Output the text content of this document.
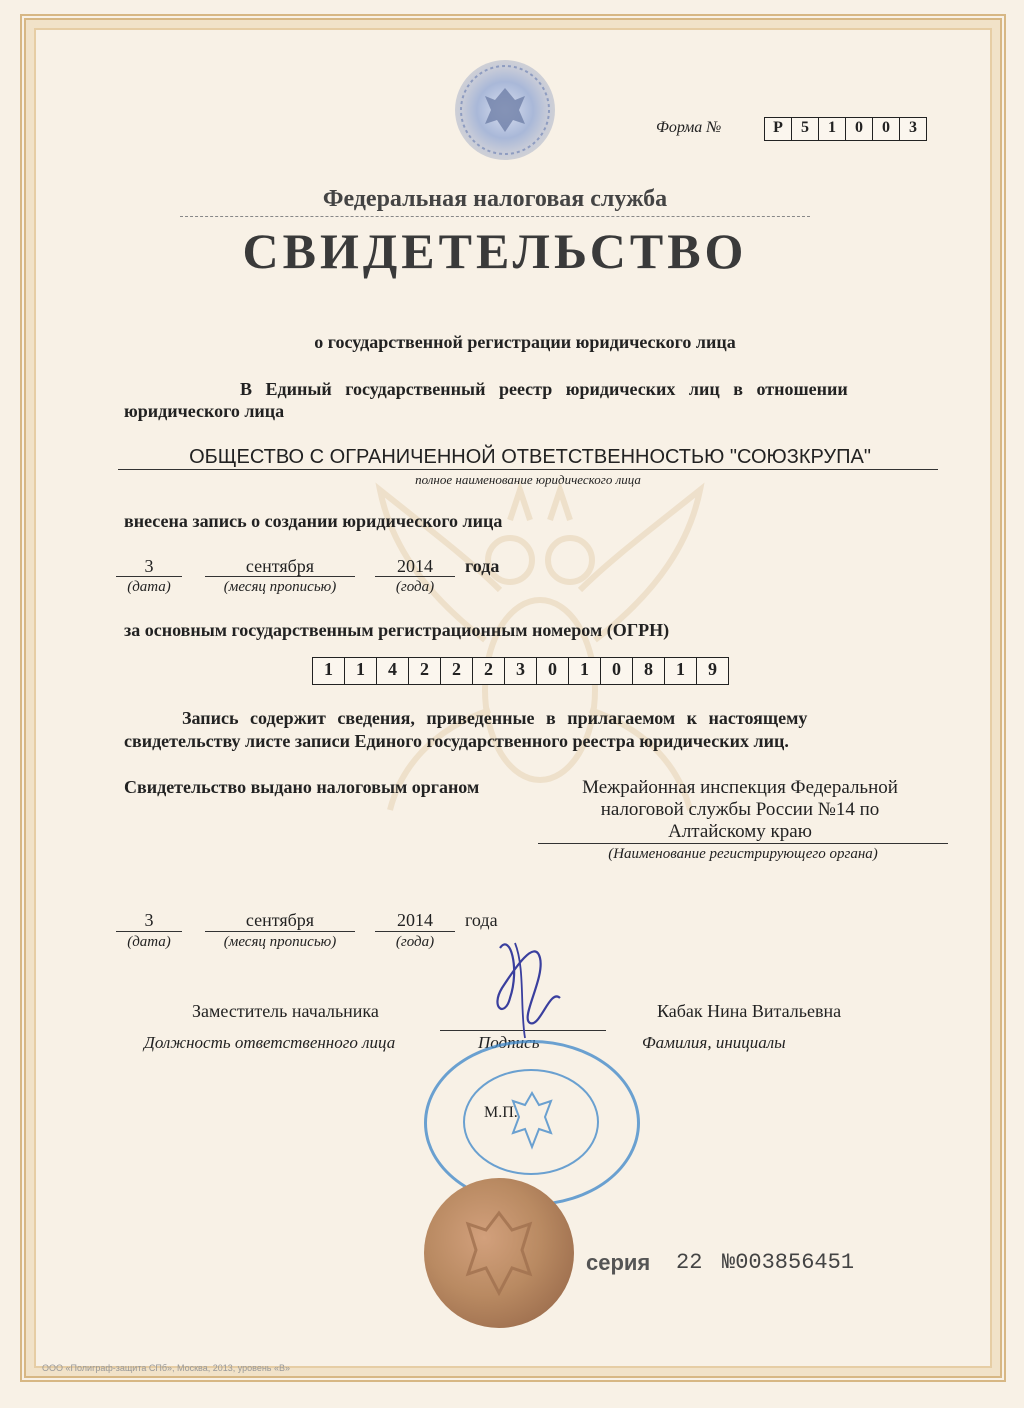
Форма №	Р	5	1	0	0	3
Федеральная налоговая служба
СВИДЕТЕЛЬСТВО
о государственной регистрации юридического лица
В Единый государственный реестр юридических лиц в отношении
юридического лица
ОБЩЕСТВО С ОГРАНИЧЕННОЙ ОТВЕТСТВЕННОСТЬЮ "СОЮЗКРУПА"
полное наименование юридического лица
внесена запись о создании юридического лица
3
(дата)
сентября
(месяц прописью)
2014
(года)
года
за основным государственным регистрационным номером (ОГРН)
1	1	4	2	2	2	3	0	1	0	8	1	9
Запись содержит сведения, приведенные в прилагаемом к настоящему
свидетельству листе записи Единого государственного реестра юридических лиц.
Свидетельство выдано налоговым органом	Межрайонная инспекция Федеральной
налоговой службы России №14 по
Алтайскому краю
(Наименование регистрирующего органа)
3
(дата)
сентября
(месяц прописью)
2014
(года)
года
Заместитель начальника
Должность ответственного лица	Подпись
Кабак Нина Витальевна
Фамилия, инициалы
М.П.
серия 22 №003856451
ООО «Полиграф-защита СПб», Москва, 2013, уровень «В»
